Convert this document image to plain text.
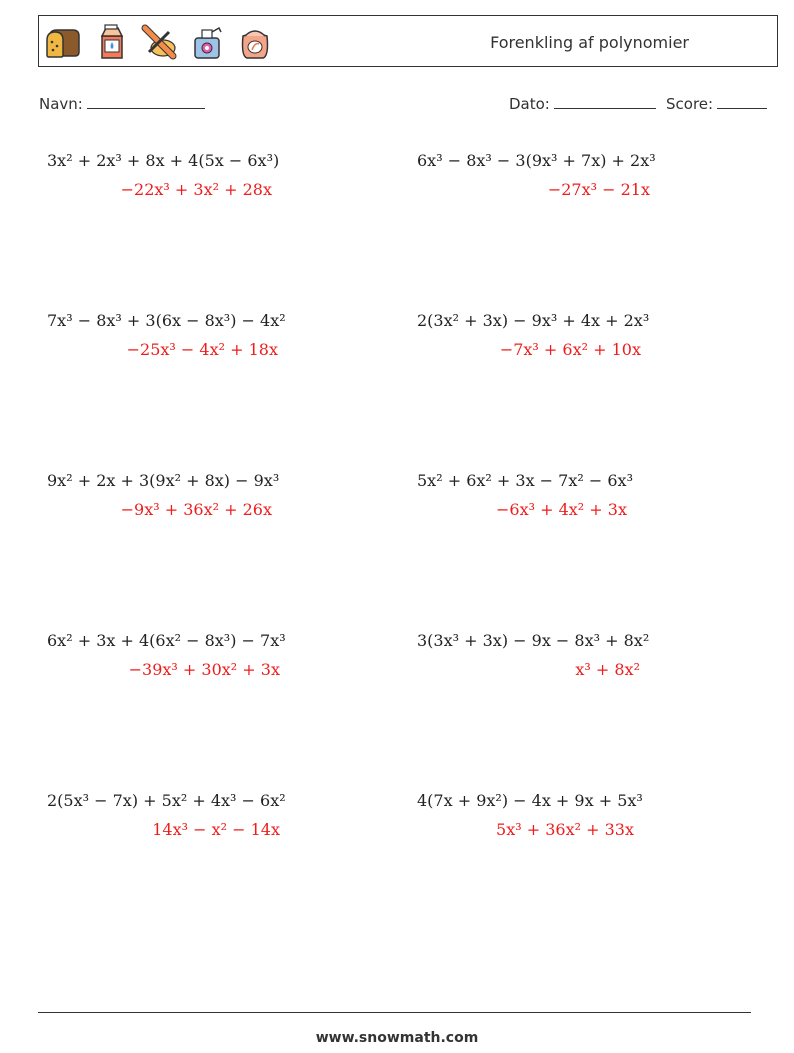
Forenkling af polynomier
Navn:	Dato:	Score:
3x² + 2x³ + 8x + 4(5x − 6x³)
−22x³ + 3x² + 28x
7x³ − 8x³ + 3(6x − 8x³) − 4x²
−25x³ − 4x² + 18x
9x² + 2x + 3(9x² + 8x) − 9x³
−9x³ + 36x² + 26x
6x² + 3x + 4(6x² − 8x³) − 7x³
−39x³ + 30x² + 3x
2(5x³ − 7x) + 5x² + 4x³ − 6x²
14x³ − x² − 14x
6x³ − 8x³ − 3(9x³ + 7x) + 2x³
−27x³ − 21x
2(3x² + 3x) − 9x³ + 4x + 2x³
−7x³ + 6x² + 10x
5x² + 6x² + 3x − 7x² − 6x³
−6x³ + 4x² + 3x
3(3x³ + 3x) − 9x − 8x³ + 8x²
x³ + 8x²
4(7x + 9x²) − 4x + 9x + 5x³
5x³ + 36x² + 33x
www.snowmath.com
